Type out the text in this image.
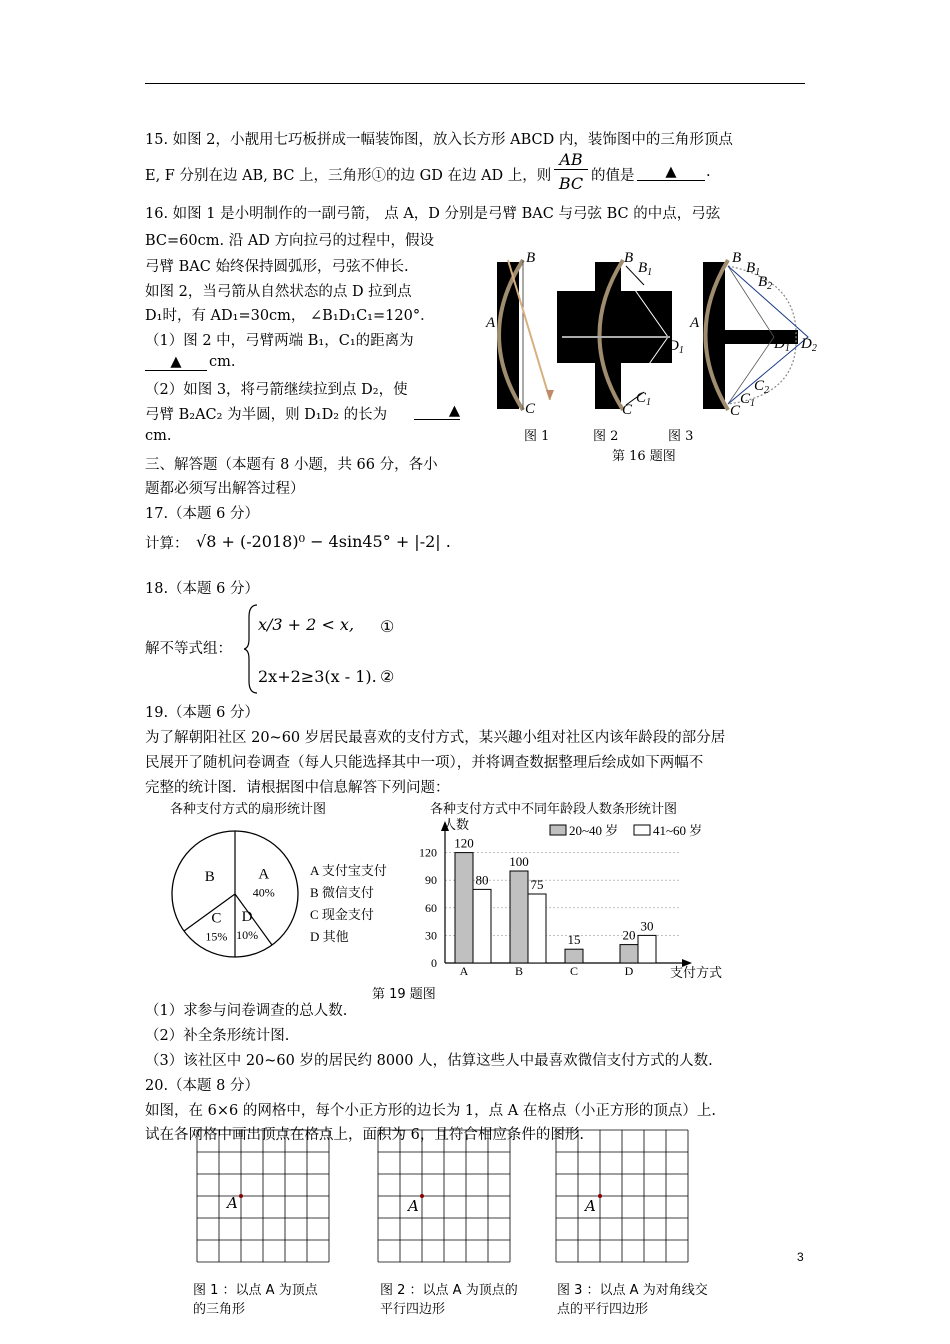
15. 如图 2，小靓用七巧板拼成一幅装饰图，放入长方形 ABCD 内，装饰图中的三角形顶点
E, F 分别在边 AB, BC 上，三角形①的边 GD 在边 AD 上，则
AB
BC 的值是	▲	.
16. 如图 1 是小明制作的一副弓箭， 点 A，D 分别是弓臂 BAC 与弓弦 BC 的中点，弓弦
BC=60cm. 沿 AD 方向拉弓的过程中，假设
弓臂 BAC 始终保持圆弧形，弓弦不伸长.
如图 2，当弓箭从自然状态的点 D 拉到点
D₁时，有 AD₁=30cm， ∠B₁D₁C₁=120°．
（1）图 2 中，弓臂两端 B₁，C₁的距离为
▲	cm.
（2）如图 3，将弓箭继续拉到点 D₂，使
弓臂 B₂AC₂ 为半圆，则 D₁D₂ 的长为	▲
cm.
B
A
C
B
$B_1$
$D_1$
$C_1$
C
B
$B_1$
$B_2$
A
$D_1$ $D_2$
$C_2$
$C_1$
C
图 1	图 2	图 3
第 16 题图
三、解答题（本题有 8 小题，共 66 分，各小
题都必须写出解答过程）
17.（本题 6 分）
计算： √8 + (-2018)⁰ − 4sin45° + |-2| .
18.（本题 6 分）
解不等式组：
x/3 + 2 < x, ①
2x+2≥3(x - 1). ②
19.（本题 6 分）
为了解朝阳社区 20~60 岁居民最喜欢的支付方式，某兴趣小组对社区内该年龄段的部分居
民展开了随机问卷调查（每人只能选择其中一项），并将调查数据整理后绘成如下两幅不
完整的统计图．请根据图中信息解答下列问题：
各种支付方式的扇形统计图	各种支付方式中不同年龄段人数条形统计图
A
40%
B
C
15%
D
10%
A 支付宝支付
B 微信支付
C 现金支付
D 其他
0
30
60
90
120
人数
支付方式
120
80
A
100
75
B
15
C
20
30
D
20~40 岁	41~60 岁
第 19 题图
（1）求参与问卷调查的总人数.
（2）补全条形统计图.
（3）该社区中 20~60 岁的居民约 8000 人，估算这些人中最喜欢微信支付方式的人数.
20.（本题 8 分）
如图，在 6×6 的网格中，每个小正方形的边长为 1，点 A 在格点（小正方形的顶点）上.
试在各网格中画出顶点在格点上，面积为 6，且符合相应条件的图形.
A	A	A
图 1 ：以点 A 为顶点
的三角形
图 2 ：以点 A 为顶点的
平行四边形
图 3 ：以点 A 为对角线交
点的平行四边形
3
